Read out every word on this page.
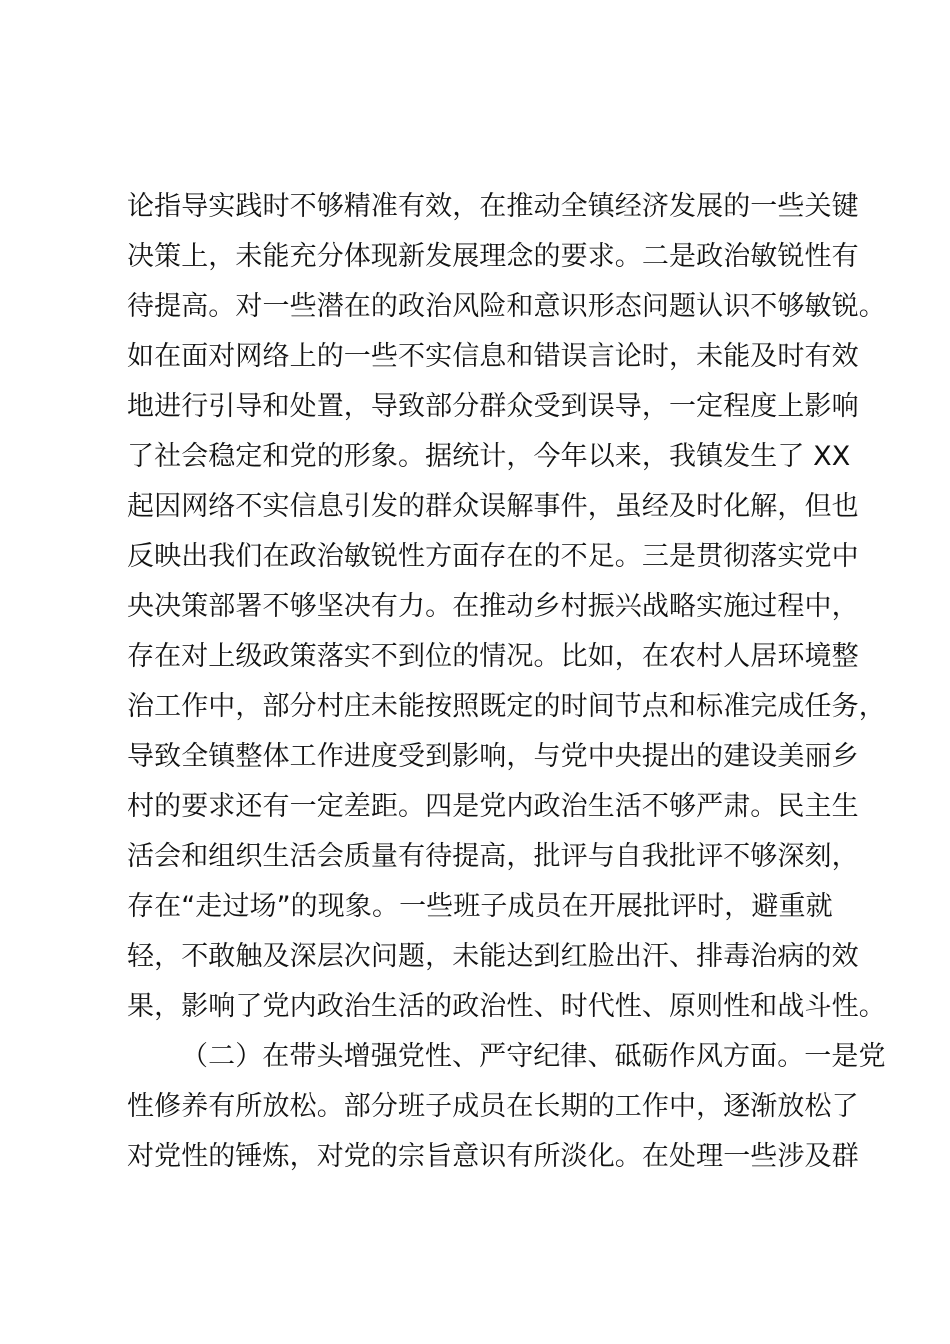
论指导实践时不够精准有效，在推动全镇经济发展的一些关键
决策上，未能充分体现新发展理念的要求。二是政治敏锐性有
待提高。对一些潜在的政治风险和意识形态问题认识不够敏锐。
如在面对网络上的一些不实信息和错误言论时，未能及时有效
地进行引导和处置，导致部分群众受到误导，一定程度上影响
了社会稳定和党的形象。据统计，今年以来，我镇发生了 XX
起因网络不实信息引发的群众误解事件，虽经及时化解，但也
反映出我们在政治敏锐性方面存在的不足。三是贯彻落实党中
央决策部署不够坚决有力。在推动乡村振兴战略实施过程中，
存在对上级政策落实不到位的情况。比如，在农村人居环境整
治工作中，部分村庄未能按照既定的时间节点和标准完成任务，
导致全镇整体工作进度受到影响，与党中央提出的建设美丽乡
村的要求还有一定差距。四是党内政治生活不够严肃。民主生
活会和组织生活会质量有待提高，批评与自我批评不够深刻，
存在“走过场”的现象。一些班子成员在开展批评时，避重就
轻，不敢触及深层次问题，未能达到红脸出汗、排毒治病的效
果，影响了党内政治生活的政治性、时代性、原则性和战斗性。
（二）在带头增强党性、严守纪律、砥砺作风方面。一是党
性修养有所放松。部分班子成员在长期的工作中，逐渐放松了
对党性的锤炼，对党的宗旨意识有所淡化。在处理一些涉及群
